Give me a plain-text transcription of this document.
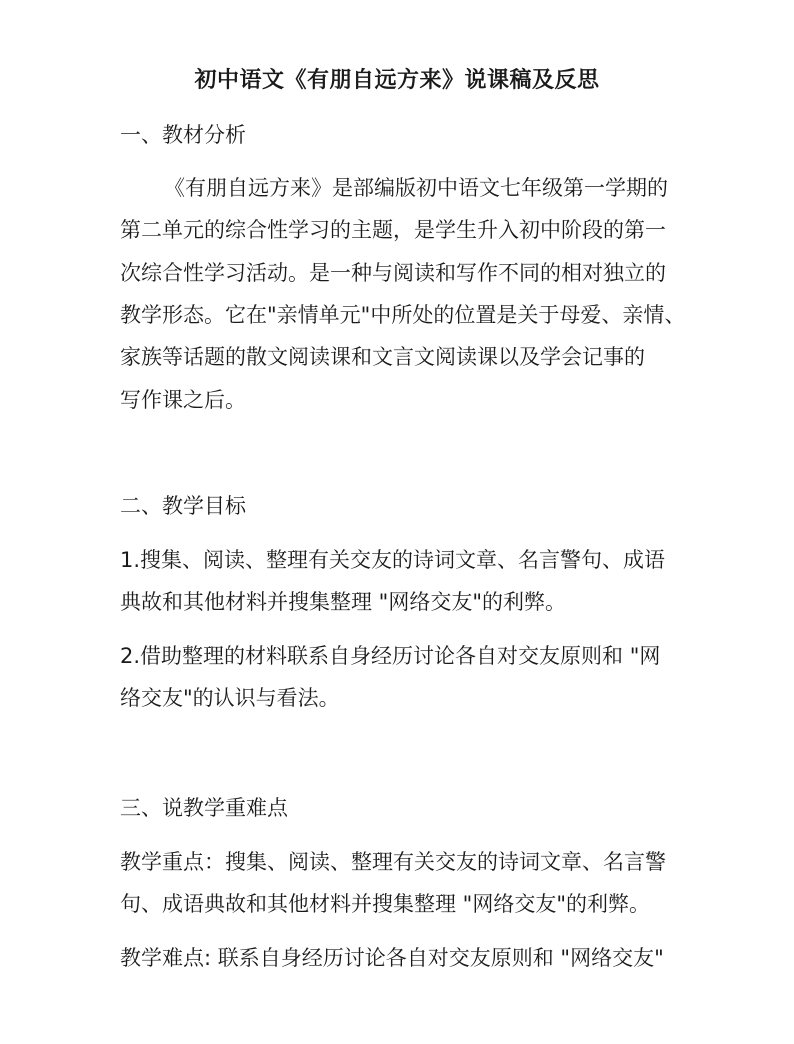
初中语文《有朋自远方来》说课稿及反思
一、教材分析
《有朋自远方来》是部编版初中语文七年级第一学期的
第二单元的综合性学习的主题，是学生升入初中阶段的第一
次综合性学习活动。是一种与阅读和写作不同的相对独立的
教学形态。它在"亲情单元"中所处的位置是关于母爱、亲情、
家族等话题的散文阅读课和文言文阅读课以及学会记事的
写作课之后。
二、教学目标
1.搜集、阅读、整理有关交友的诗词文章、名言警句、成语
典故和其他材料并搜集整理 "网络交友"的利弊。
2.借助整理的材料联系自身经历讨论各自对交友原则和 "网
络交友"的认识与看法。
三、说教学重难点
教学重点：搜集、阅读、整理有关交友的诗词文章、名言警
句、成语典故和其他材料并搜集整理 "网络交友"的利弊。
教学难点: 联系自身经历讨论各自对交友原则和 "网络交友"
